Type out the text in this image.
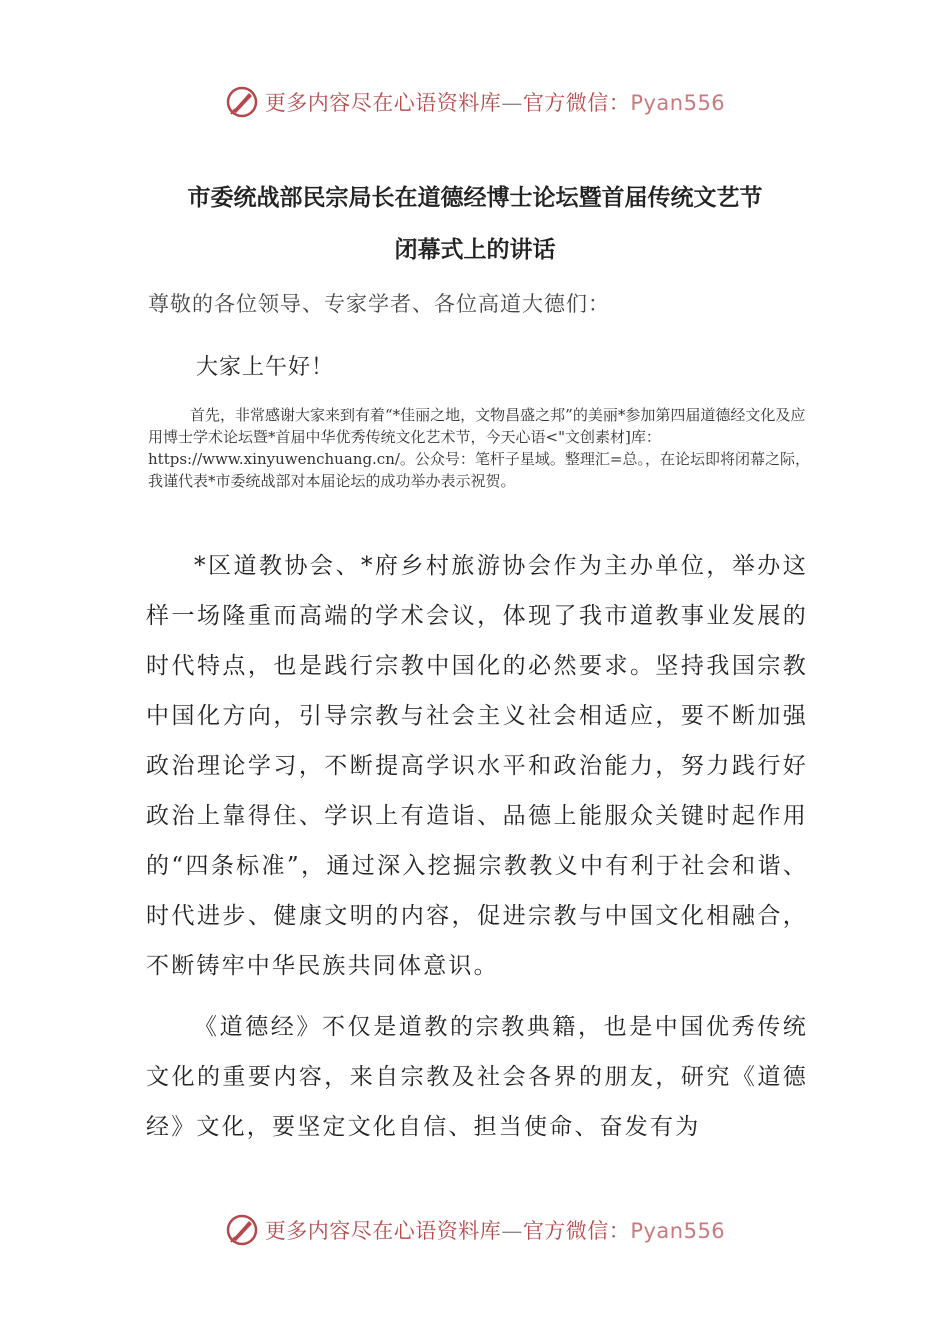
更多内容尽在心语资料库—官方微信：Pyan556
市委统战部民宗局长在道德经博士论坛暨首届传统文艺节
闭幕式上的讲话
尊敬的各位领导、专家学者、各位高道大德们：
大家上午好！

首先，非常感谢大家来到有着“*佳丽之地，文物昌盛之邦”的美丽*参加第四届道德经文化及应用博士学术论坛暨*首届中华优秀传统文化艺术节，今天心语<"文创素材]库：https://www.xinyuwenchuang.cn/。公众号：笔杆子星域。整理汇=总。，在论坛即将闭幕之际，我谨代表*市委统战部对本届论坛的成功举办表示祝贺。

*区道教协会、*府乡村旅游协会作为主办单位，举办这样一场隆重而高端的学术会议，体现了我市道教事业发展的时代特点，也是践行宗教中国化的必然要求。坚持我国宗教中国化方向，引导宗教与社会主义社会相适应，要不断加强政治理论学习，不断提高学识水平和政治能力，努力践行好政治上靠得住、学识上有造诣、品德上能服众关键时起作用的“四条标准”，通过深入挖掘宗教教义中有利于社会和谐、时代进步、健康文明的内容，促进宗教与中国文化相融合，不断铸牢中华民族共同体意识。

《道德经》不仅是道教的宗教典籍，也是中国优秀传统文化的重要内容，来自宗教及社会各界的朋友，研究《道德经》文化，要坚定文化自信、担当使命、奋发有为

更多内容尽在心语资料库—官方微信：Pyan556
